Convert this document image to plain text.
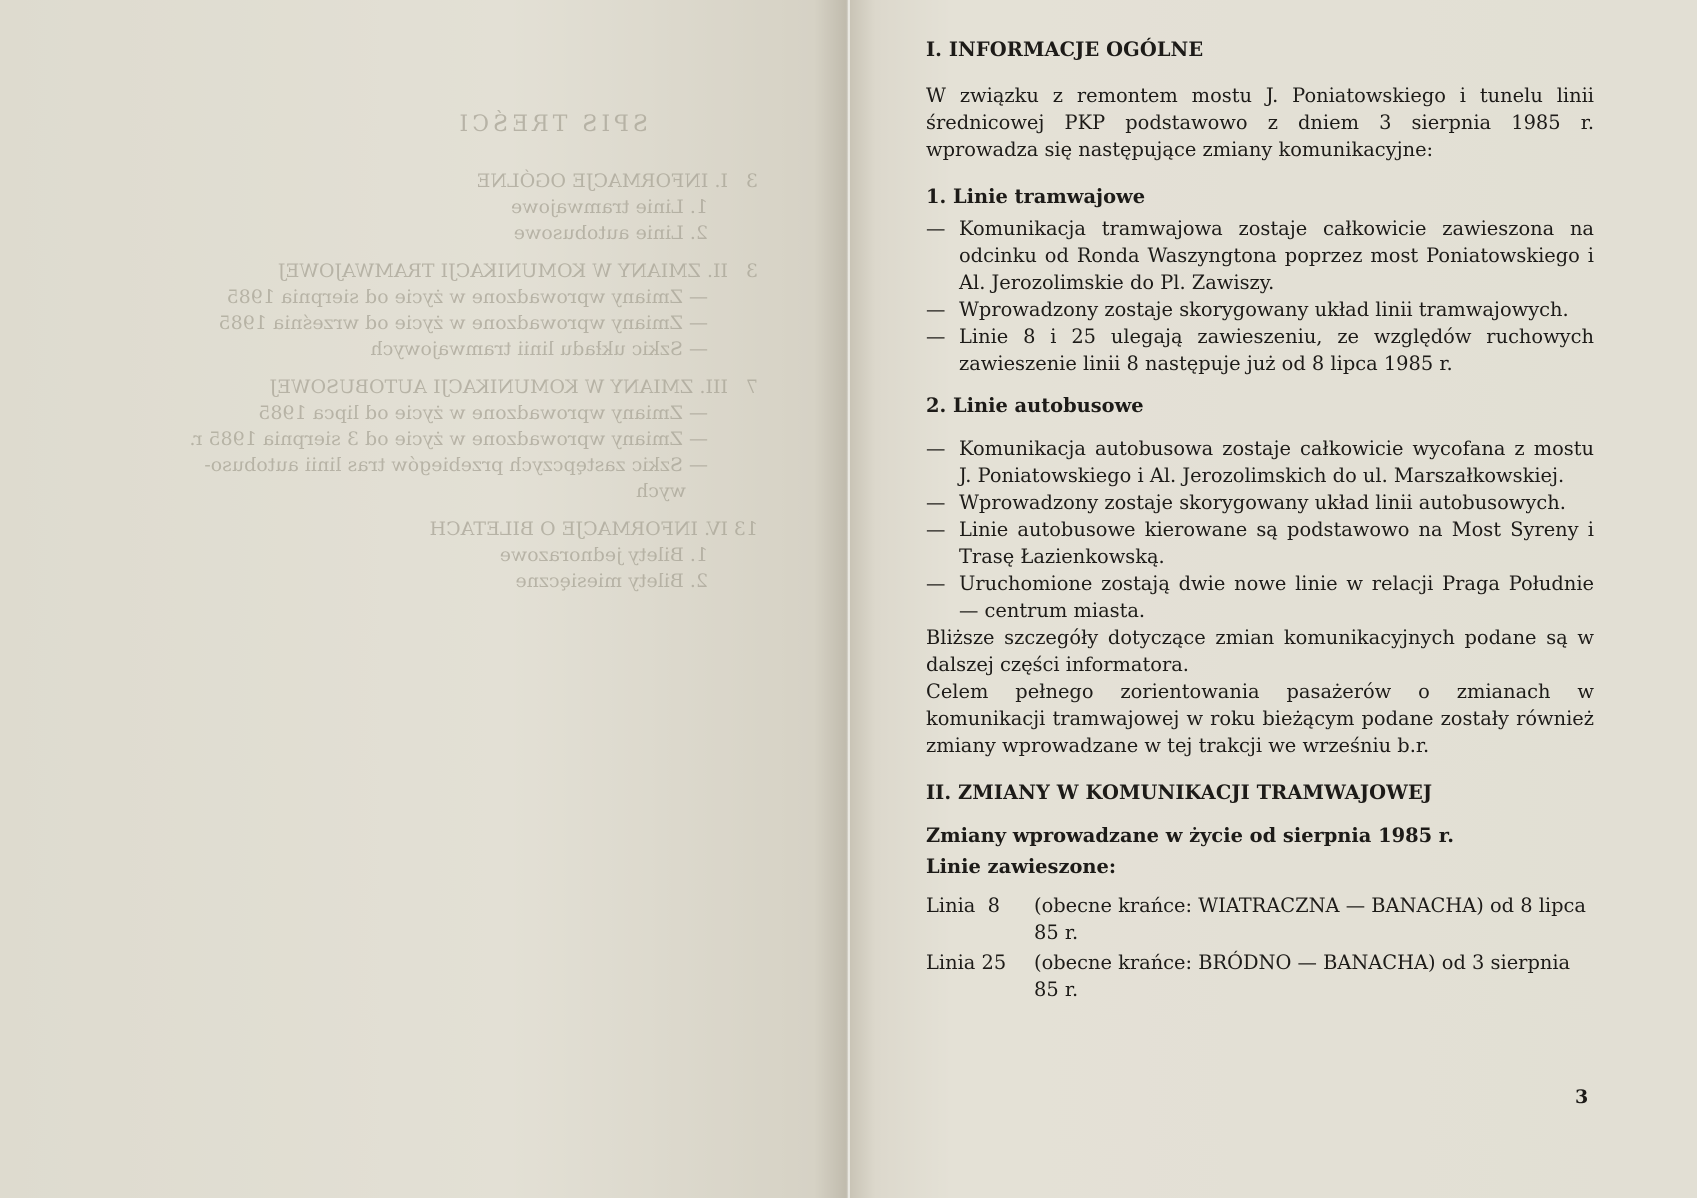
SPIS TREŚCI
I. INFORMACJE OGÓLNE
1. Linie tramwajowe
2. Linie autobusowe
II. ZMIANY W KOMUNIKACJI TRAMWAJOWEJ
— Zmiany wprowadzone w życie od sierpnia 1985
— Zmiany wprowadzone w życie od września 1985
— Szkic układu linii tramwajowych
III. ZMIANY W KOMUNIKACJI AUTOBUSOWEJ
— Zmiany wprowadzone w życie od lipca 1985
— Zmiany wprowadzone w życie od 3 sierpnia 1985 r.
— Szkic zastępczych przebiegów tras linii autobuso-
wych
IV. INFORMACJE O BILETACH
1. Bilety jednorazowe
2. Bilety miesięczne
3
3
7
13

I. INFORMACJE OGÓLNE

W związku z remontem mostu J. Poniatowskiego i tunelu linii średnicowej PKP podstawowo z dniem 3 sierpnia 1985 r. wprowadza się następujące zmiany komunikacyjne:

1. Linie tramwajowe

— Komunikacja tramwajowa zostaje całkowicie zawieszona na odcinku od Ronda Waszyngtona poprzez most Poniatowskiego i Al. Jerozolimskie do Pl. Zawiszy.

— Wprowadzony zostaje skorygowany układ linii tramwajowych.

— Linie 8 i 25 ulegają zawieszeniu, ze względów ruchowych zawieszenie linii 8 następuje już od 8 lipca 1985 r.

2. Linie autobusowe

— Komunikacja autobusowa zostaje całkowicie wycofana z mostu J. Poniatowskiego i Al. Jerozolimskich do ul. Marszałkowskiej.

— Wprowadzony zostaje skorygowany układ linii autobusowych.

— Linie autobusowe kierowane są podstawowo na Most Syreny i Trasę Łazienkowską.

— Uruchomione zostają dwie nowe linie w relacji Praga Południe — centrum miasta.

Bliższe szczegóły dotyczące zmian komunikacyjnych podane są w dalszej części informatora.

Celem pełnego zorientowania pasażerów o zmianach w komunikacji tramwajowej w roku bieżącym podane zostały również zmiany wprowadzane w tej trakcji we wrześniu b.r.

II. ZMIANY W KOMUNIKACJI TRAMWAJOWEJ

Zmiany wprowadzane w życie od sierpnia 1985 r.

Linie zawieszone:

Linia  8 (obecne krańce: WIATRACZNA — BANACHA) od 8 lipca 85 r.

Linia 25 (obecne krańce: BRÓDNO — BANACHA) od 3 sierpnia 85 r.

3
